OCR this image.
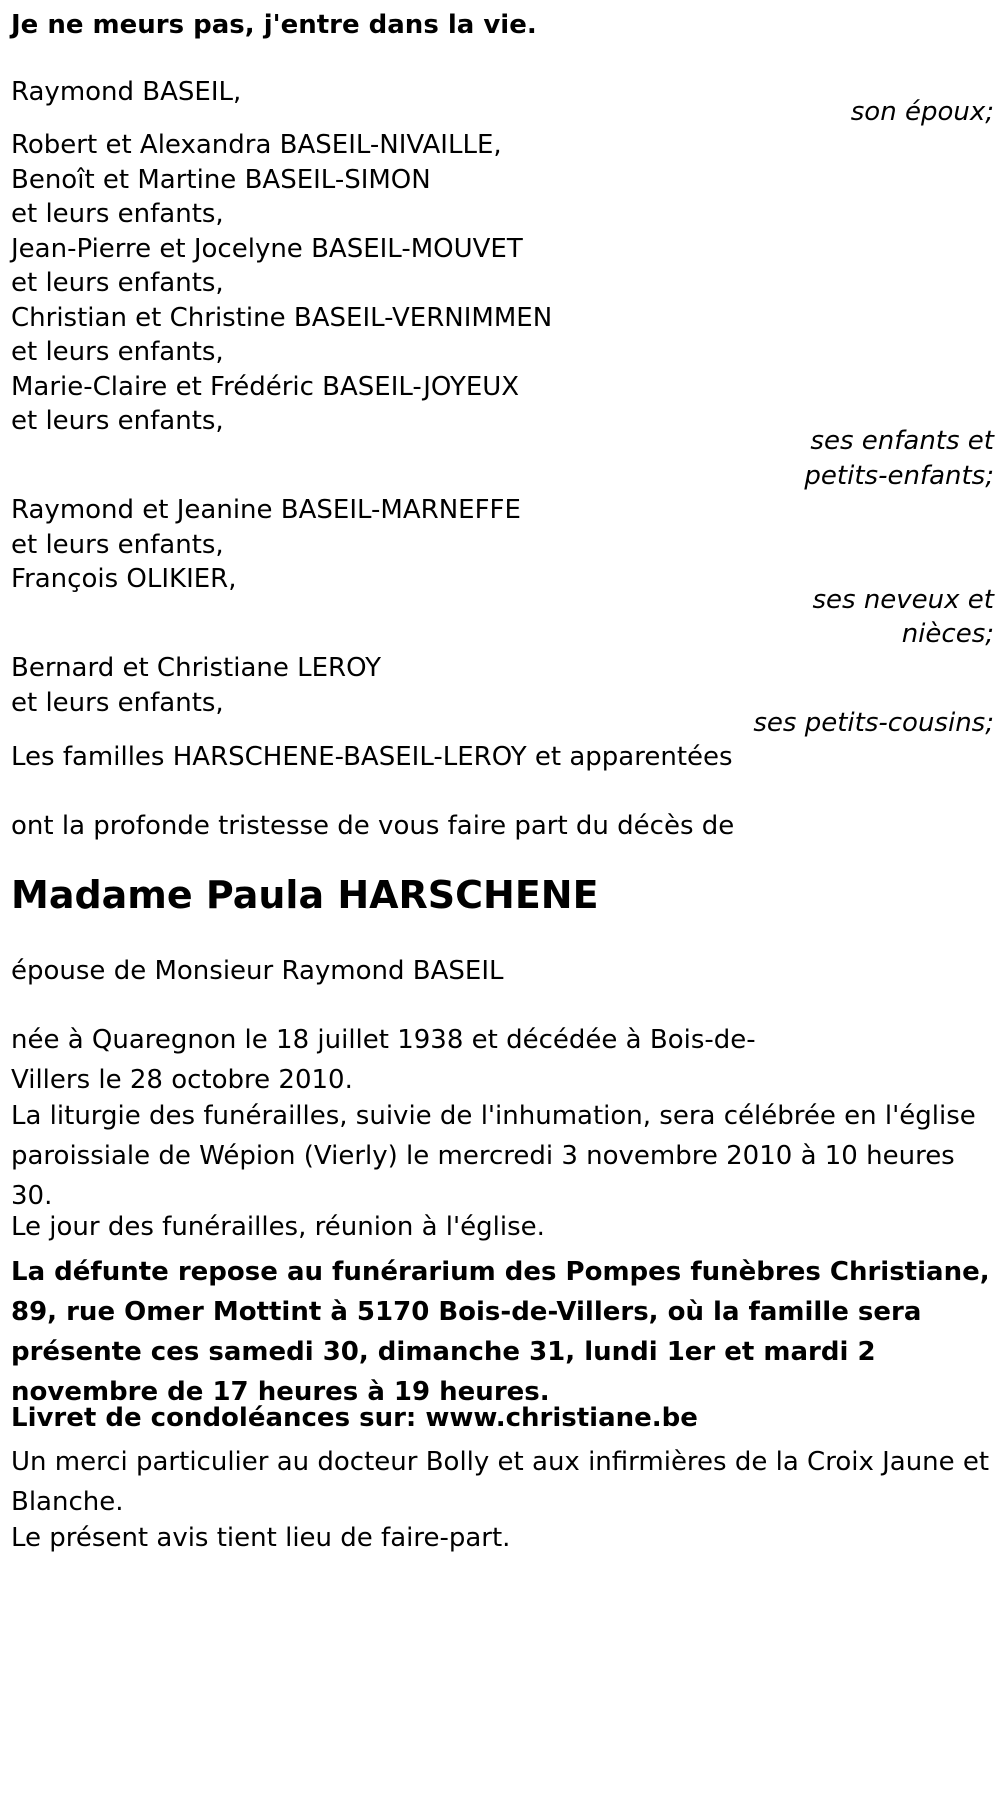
Je ne meurs pas, j'entre dans la vie.
Raymond BASEIL,
son époux;
Robert et Alexandra BASEIL-NIVAILLE,
Benoît et Martine BASEIL-SIMON
et leurs enfants,
Jean-Pierre et Jocelyne BASEIL-MOUVET
et leurs enfants,
Christian et Christine BASEIL-VERNIMMEN
et leurs enfants,
Marie-Claire et Frédéric BASEIL-JOYEUX
et leurs enfants,
ses enfants et
petits-enfants;
Raymond et Jeanine BASEIL-MARNEFFE
et leurs enfants,
François OLIKIER,
ses neveux et
nièces;
Bernard et Christiane LEROY
et leurs enfants,
ses petits-cousins;
Les familles HARSCHENE-BASEIL-LEROY et apparentées
ont la profonde tristesse de vous faire part du décès de
Madame Paula HARSCHENE
épouse de Monsieur Raymond BASEIL
née à Quaregnon le 18 juillet 1938 et décédée à Bois-de-Villers le 28 octobre 2010.
La liturgie des funérailles, suivie de l'inhumation, sera célébrée en l'église paroissiale de Wépion (Vierly) le mercredi 3 novembre 2010 à 10 heures 30.
Le jour des funérailles, réunion à l'église.
La défunte repose au funérarium des Pompes funèbres Christiane, 89, rue Omer Mottint à 5170 Bois-de-Villers, où la famille sera présente ces samedi 30, dimanche 31, lundi 1er et mardi 2 novembre de 17 heures à 19 heures.
Livret de condoléances sur: www.christiane.be
Un merci particulier au docteur Bolly et aux infirmières de la Croix Jaune et Blanche.
Le présent avis tient lieu de faire-part.
